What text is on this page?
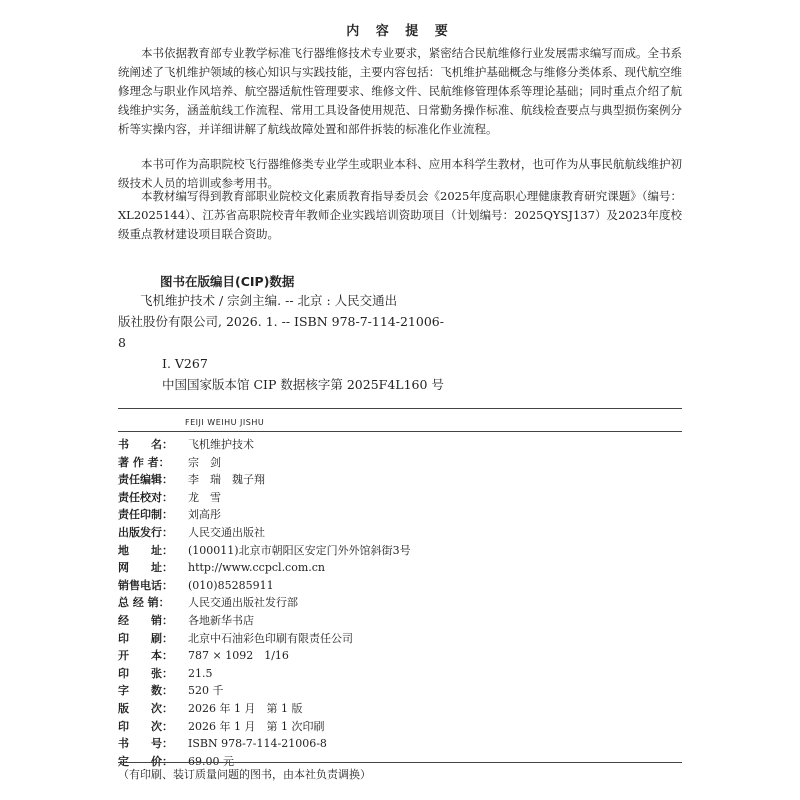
内 容 提 要
本书依据教育部专业教学标准飞行器维修技术专业要求，紧密结合民航维修行业发展需求编写而成。全书系统阐述了飞机维护领域的核心知识与实践技能，主要内容包括：飞机维护基础概念与维修分类体系、现代航空维修理念与职业作风培养、航空器适航性管理要求、维修文件、民航维修管理体系等理论基础；同时重点介绍了航线维护实务，涵盖航线工作流程、常用工具设备使用规范、日常勤务操作标准、航线检查要点与典型损伤案例分析等实操内容，并详细讲解了航线故障处置和部件拆装的标准化作业流程。
本书可作为高职院校飞行器维修类专业学生或职业本科、应用本科学生教材，也可作为从事民航航线维护初级技术人员的培训或参考用书。
本教材编写得到教育部职业院校文化素质教育指导委员会《2025年度高职心理健康教育研究课题》（编号：XL2025144）、江苏省高职院校青年教师企业实践培训资助项目（计划编号：2025QYSJ137）及2023年度校级重点教材建设项目联合资助。
图书在版编目(CIP)数据
飞机维护技术 / 宗剑主编. -- 北京 : 人民交通出
版社股份有限公司, 2026. 1. -- ISBN 978-7-114-21006-
8
Ⅰ. V267
中国国家版本馆 CIP 数据核字第 2025F4L160 号
FEIJI WEIHU JISHU
书　　名：	飞机维护技术
著 作 者：	宗　剑
责任编辑：	李　瑞　魏子翔
责任校对：	龙　雪
责任印制：	刘高彤
出版发行：	人民交通出版社
地　　址：	(100011)北京市朝阳区安定门外外馆斜街3号
网　　址：	http://www.ccpcl.com.cn
销售电话：	(010)85285911
总 经 销：	人民交通出版社发行部
经　　销：	各地新华书店
印　　刷：	北京中石油彩色印刷有限责任公司
开　　本：	787 × 1092　1/16
印　　张：	21.5
字　　数：	520 千
版　　次：	2026 年 1 月　第 1 版
印　　次：	2026 年 1 月　第 1 次印刷
书　　号：	ISBN 978-7-114-21006-8
定　　价：	69.00 元
（有印刷、装订质量问题的图书，由本社负责调换）
